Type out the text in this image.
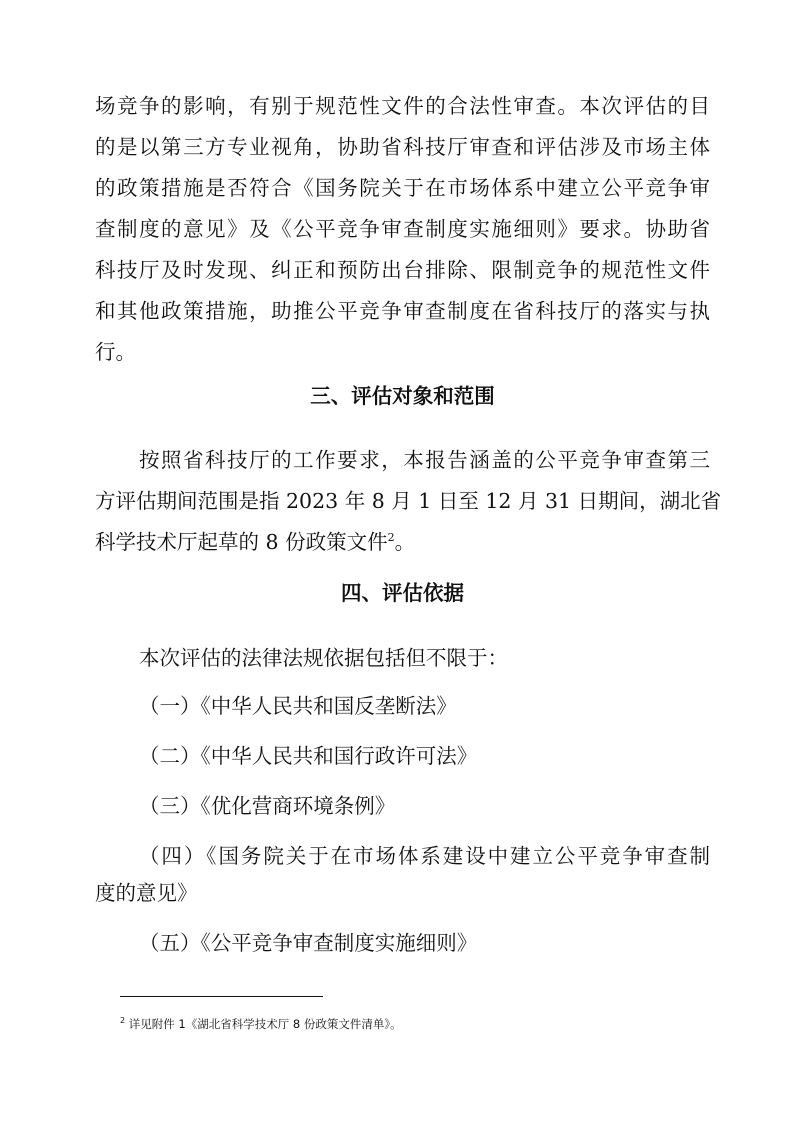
场竞争的影响，有别于规范性文件的合法性审查。本次评估的目
的是以第三方专业视角，协助省科技厅审查和评估涉及市场主体
的政策措施是否符合《国务院关于在市场体系中建立公平竞争审
查制度的意见》及《公平竞争审查制度实施细则》要求。协助省
科技厅及时发现、纠正和预防出台排除、限制竞争的规范性文件
和其他政策措施，助推公平竞争审查制度在省科技厅的落实与执
行。
三、评估对象和范围
按照省科技厅的工作要求，本报告涵盖的公平竞争审查第三
方评估期间范围是指 2023 年 8 月 1 日至 12 月 31 日期间，湖北省
科学技术厅起草的 8 份政策文件$^2$。
四、评估依据
本次评估的法律法规依据包括但不限于：
（一）《中华人民共和国反垄断法》
（二）《中华人民共和国行政许可法》
（三）《优化营商环境条例》
（四）《国务院关于在市场体系建设中建立公平竞争审查制
度的意见》
（五）《公平竞争审查制度实施细则》
$^2$ 详见附件 1《湖北省科学技术厅 8 份政策文件清单》。
